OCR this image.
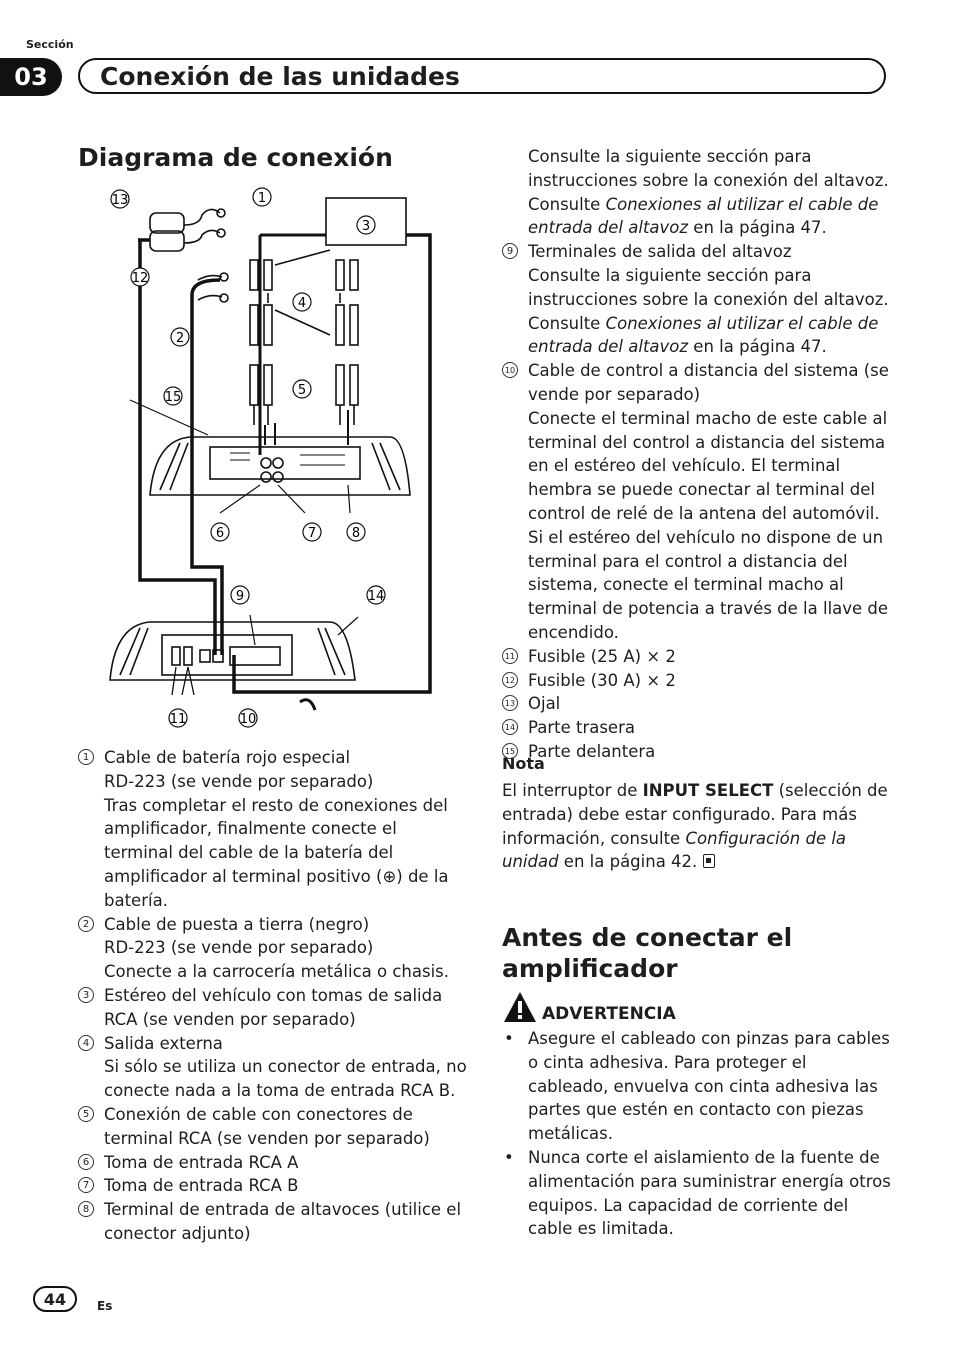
Sección
03	Conexión de las unidades
Diagrama de conexión
13	1
3
12
4
2
5
15
6	7	8
9	14
11	10
1 Cable de batería rojo especial
RD-223 (se vende por separado)
Tras completar el resto de conexiones del amplificador, finalmente conecte el terminal del cable de la batería del amplificador al terminal positivo (⊕) de la batería.
2 Cable de puesta a tierra (negro)
RD-223 (se vende por separado)
Conecte a la carrocería metálica o chasis.
3 Estéreo del vehículo con tomas de salida RCA (se venden por separado)
4 Salida externa
Si sólo se utiliza un conector de entrada, no conecte nada a la toma de entrada RCA B.
5 Conexión de cable con conectores de terminal RCA (se venden por separado)
6 Toma de entrada RCA A
7 Toma de entrada RCA B
8 Terminal de entrada de altavoces (utilice el conector adjunto)
Consulte la siguiente sección para instrucciones sobre la conexión del altavoz. Consulte Conexiones al utilizar el cable de entrada del altavoz en la página 47.
9 Terminales de salida del altavoz
Consulte la siguiente sección para instrucciones sobre la conexión del altavoz. Consulte Conexiones al utilizar el cable de entrada del altavoz en la página 47.
10 Cable de control a distancia del sistema (se vende por separado)
Conecte el terminal macho de este cable al terminal del control a distancia del sistema en el estéreo del vehículo. El terminal hembra se puede conectar al terminal del control de relé de la antena del automóvil. Si el estéreo del vehículo no dispone de un terminal para el control a distancia del sistema, conecte el terminal macho al terminal de potencia a través de la llave de encendido.
11 Fusible (25 A) × 2
12 Fusible (30 A) × 2
13 Ojal
14 Parte trasera
15 Parte delantera
Nota
El interruptor de INPUT SELECT (selección de entrada) debe estar configurado. Para más información, consulte Configuración de la unidad en la página 42.
Antes de conectar el amplificador
ADVERTENCIA
• Asegure el cableado con pinzas para cables o cinta adhesiva. Para proteger el cableado, envuelva con cinta adhesiva las partes que estén en contacto con piezas metálicas.
• Nunca corte el aislamiento de la fuente de alimentación para suministrar energía otros equipos. La capacidad de corriente del cable es limitada.
44	Es
